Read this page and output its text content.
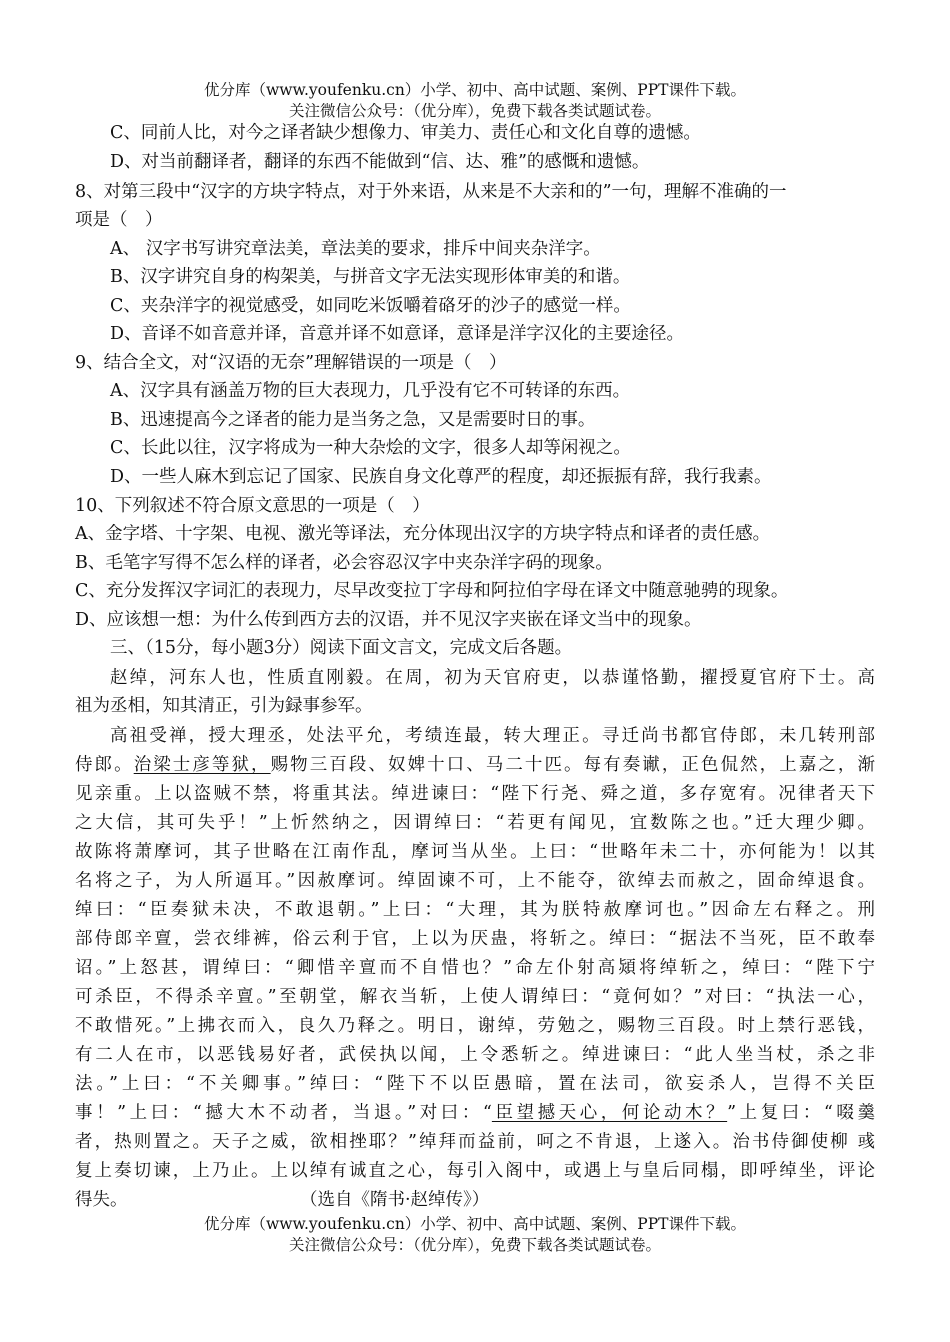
优分库（www.youfenku.cn）小学、初中、高中试题、案例、PPT课件下载。
关注微信公众号：（优分库），免费下载各类试题试卷。
C、同前人比，对今之译者缺少想像力、审美力、责任心和文化自尊的遗憾。
D、对当前翻译者，翻译的东西不能做到“信、达、雅”的感慨和遗憾。
8、对第三段中“汉字的方块字特点，对于外来语，从来是不大亲和的”一句，理解不准确的一
项是（　）
A、 汉字书写讲究章法美，章法美的要求，排斥中间夹杂洋字。
B、汉字讲究自身的构架美，与拼音文字无法实现形体审美的和谐。
C、夹杂洋字的视觉感受，如同吃米饭嚼着硌牙的沙子的感觉一样。
D、音译不如音意并译，音意并译不如意译，意译是洋字汉化的主要途径。
9、结合全文，对“汉语的无奈”理解错误的一项是（　）
A、汉字具有涵盖万物的巨大表现力，几乎没有它不可转译的东西。
B、迅速提高今之译者的能力是当务之急，又是需要时日的事。
C、长此以往，汉字将成为一种大杂烩的文字，很多人却等闲视之。
D、一些人麻木到忘记了国家、民族自身文化尊严的程度，却还振振有辞，我行我素。
10、下列叙述不符合原文意思的一项是（　）
A、金字塔、十字架、电视、激光等译法，充分体现出汉字的方块字特点和译者的责任感。
B、毛笔字写得不怎么样的译者，必会容忍汉字中夹杂洋字码的现象。
C、充分发挥汉字词汇的表现力，尽早改变拉丁字母和阿拉伯字母在译文中随意驰骋的现象。
D、应该想一想：为什么传到西方去的汉语，并不见汉字夹嵌在译文当中的现象。
三、（15分，每小题3分）阅读下面文言文，完成文后各题。
赵绰，河东人也，性质直刚毅。在周，初为天官府吏，以恭谨恪勤，擢授夏官府下士。高
祖为丞相，知其清正，引为録事参军。
高祖受禅，授大理丞，处法平允，考绩连最，转大理正。寻迁尚书都官侍郎，未几转刑部
侍郎。治梁士彦等狱，赐物三百段、奴婢十口、马二十匹。每有奏谳，正色侃然，上嘉之，渐
见亲重。上以盗贼不禁，将重其法。绰进谏曰：“陛下行尧、舜之道，多存宽宥。况律者天下
之大信，其可失乎！”上忻然纳之，因谓绰曰：“若更有闻见，宜数陈之也。”迁大理少卿。
故陈将萧摩诃，其子世略在江南作乱，摩诃当从坐。上曰：“世略年未二十，亦何能为！以其
名将之子，为人所逼耳。”因赦摩诃。绰固谏不可，上不能夺，欲绰去而赦之，固命绰退食。
绰曰：“臣奏狱未决，不敢退朝。”上曰：“大理，其为朕特赦摩诃也。”因命左右释之。刑
部侍郎辛亶，尝衣绯裤，俗云利于官，上以为厌蛊，将斩之。绰曰：“据法不当死，臣不敢奉
诏。”上怒甚，谓绰曰：“卿惜辛亶而不自惜也？”命左仆射高熲将绰斩之，绰曰：“陛下宁
可杀臣，不得杀辛亶。”至朝堂，解衣当斩，上使人谓绰曰：“竟何如？”对曰：“执法一心，
不敢惜死。”上拂衣而入，良久乃释之。明日，谢绰，劳勉之，赐物三百段。时上禁行恶钱，
有二人在市，以恶钱易好者，武侯执以闻，上令悉斩之。绰进谏曰：“此人坐当杖，杀之非
法。”上曰：“不关卿事。”绰曰：“陛下不以臣愚暗，置在法司，欲妄杀人，岂得不关臣
事！”上曰：“撼大木不动者，当退。”对曰：“臣望撼天心，何论动木？”上复曰：“啜羹
者，热则置之。天子之威，欲相挫耶？”绰拜而益前，呵之不肯退，上遂入。治书侍御使柳 彧
复上奏切谏，上乃止。上以绰有诚直之心，每引入阁中，或遇上与皇后同榻，即呼绰坐，评论
得失。	（选自《隋书·赵绰传》）
优分库（www.youfenku.cn）小学、初中、高中试题、案例、PPT课件下载。
关注微信公众号：（优分库），免费下载各类试题试卷。
